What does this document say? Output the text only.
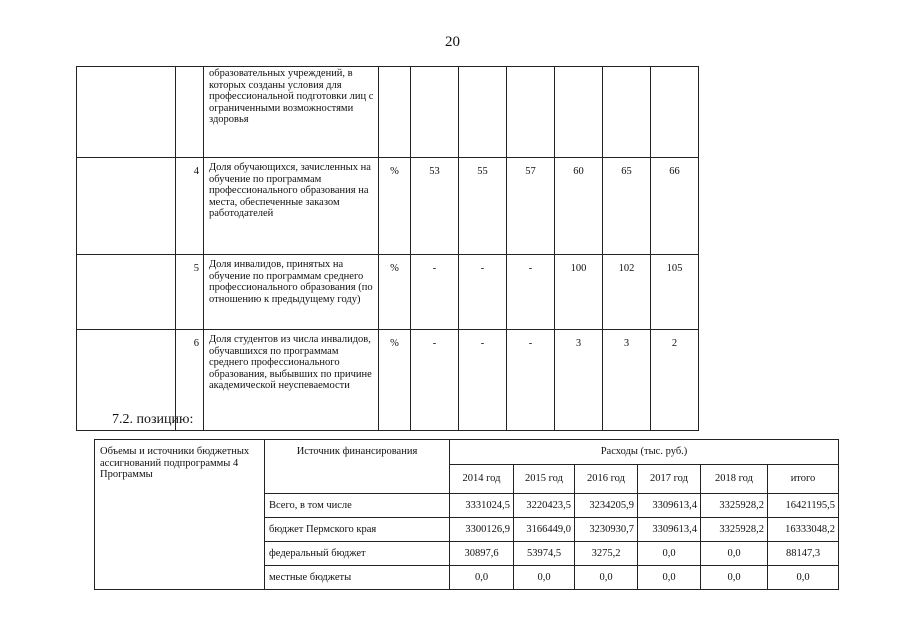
20
		образовательных учреждений, в которых созданы условия для профессиональной подготовки лиц с ограниченными возможностями здоровья							
	4	Доля обучающихся, зачисленных на обучение по программам профессионального образования на места, обеспеченные заказом работодателей	%	53	55	57	60	65	66
	5	Доля инвалидов, принятых на обучение по программам среднего профессионального образования (по отношению к предыдущему году)	%	-	-	-	100	102	105
	6	Доля студентов из числа инвалидов, обучавшихся по программам среднего профессионального образования, выбывших по причине академической неуспеваемости	%	-	-	-	3	3	2
7.2. позицию:
Объемы и источники бюджетных ассигнований подпрограммы 4 Программы	Источник финансирования	Расходы (тыс. руб.)					
		2014 год	2015 год	2016 год	2017 год	2018 год	итого
	Всего, в том числе	3331024,5	3220423,5	3234205,9	3309613,4	3325928,2	16421195,5
	бюджет Пермского края	3300126,9	3166449,0	3230930,7	3309613,4	3325928,2	16333048,2
	федеральный бюджет	30897,6	53974,5	3275,2	0,0	0,0	88147,3
	местные бюджеты	0,0	0,0	0,0	0,0	0,0	0,0
